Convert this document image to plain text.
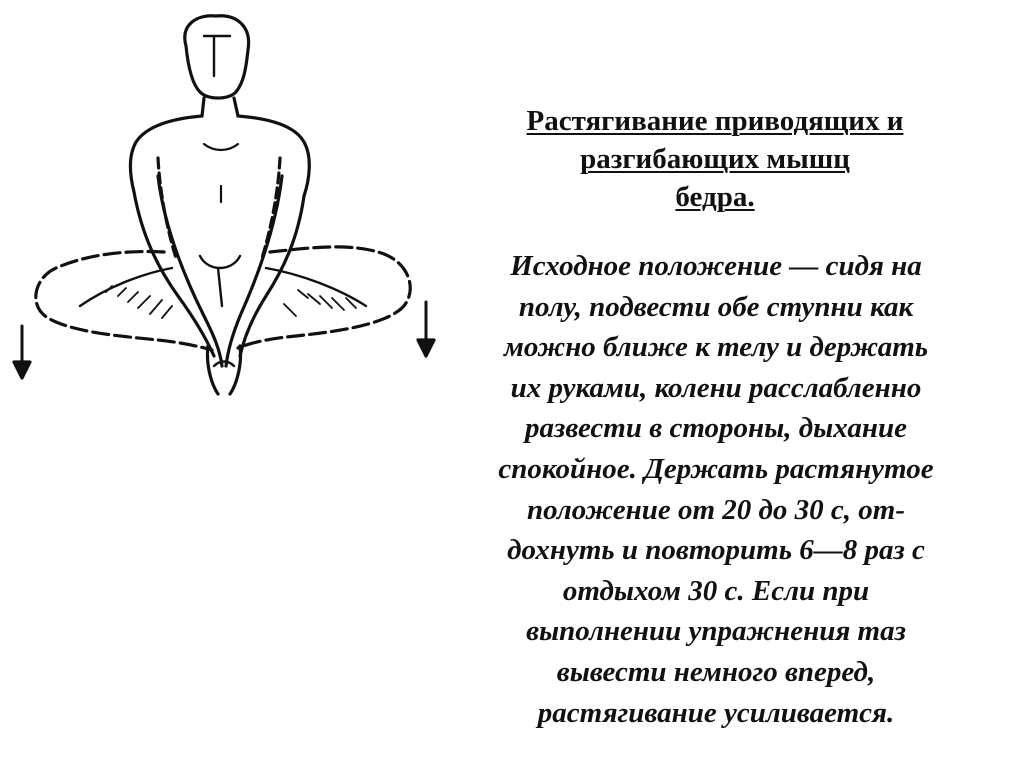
Растягивание приводящих и
разгибающих мышц
бедра.
Исходное положение — сидя на
полу, подвести обе ступни как
можно ближе к телу и держать
их руками, колени расслабленно
развести в стороны, дыхание
спокойное. Держать растянутое
положение от 20 до 30 с, от-
дохнуть и повторить 6—8 раз с
отдыхом 30 с. Если при
выполнении упражнения таз
вывести немного вперед,
растягивание усиливается.
